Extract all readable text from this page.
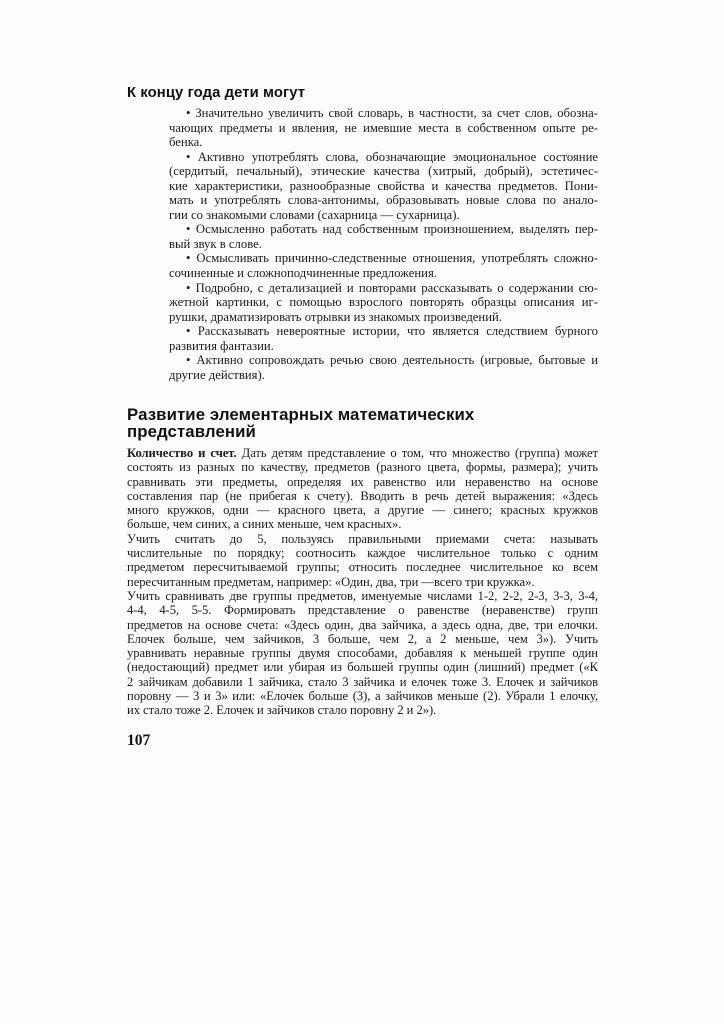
К концу года дети могут
• Значительно увеличить свой словарь, в частности, за счет слов, обозна-
чающих предметы и явления, не имевшие места в собственном опыте ре-
бенка.
• Активно употреблять слова, обозначающие эмоциональное состояние
(сердитый, печальный), этические качества (хитрый, добрый), эстетичес-
кие характеристики, разнообразные свойства и качества предметов. Пони-
мать и употреблять слова-антонимы, образовывать новые слова по анало-
гии со знакомыми словами (сахарница — сухарница).
• Осмысленно работать над собственным произношением, выделять пер-
вый звук в слове.
• Осмысливать причинно-следственные отношения, употреблять сложно-
сочиненные и сложноподчиненные предложения.
• Подробно, с детализацией и повторами рассказывать о содержании сю-
жетной картинки, с помощью взрослого повторять образцы описания иг-
рушки, драматизировать отрывки из знакомых произведений.
• Рассказывать невероятные истории, что является следствием бурного
развития фантазии.
• Активно сопровождать речью свою деятельность (игровые, бытовые и
другие действия).
Развитие элементарных математических
представлений
Количество и счет. Дать детям представление о том, что множество (группа) может
состоять из разных по качеству, предметов (разного цвета, формы, размера); учить
сравнивать эти предметы, определяя их равенство или неравенство на основе
составления пар (не прибегая к счету). Вводить в речь детей выражения: «Здесь
много кружков, одни — красного цвета, а другие — синего; красных кружков
больше, чем синих, а синих меньше, чем красных».
Учить считать до 5, пользуясь правильными приемами счета: называть
числительные по порядку; соотносить каждое числительное только с одним
предметом пересчитываемой группы; относить последнее числительное ко всем
пересчитанным предметам, например: «Один, два, три —всего три кружка».
Учить сравнивать две группы предметов, именуемые числами 1-2, 2-2, 2-3, 3-3, 3-4,
4-4, 4-5, 5-5. Формировать представление о равенстве (неравенстве) групп
предметов на основе счета: «Здесь один, два зайчика, а здесь одна, две, три елочки.
Елочек больше, чем зайчиков, 3 больше, чем 2, а 2 меньше, чем 3»). Учить
уравнивать неравные группы двумя способами, добавляя к меньшей группе один
(недостающий) предмет или убирая из большей группы один (лишний) предмет («К
2 зайчикам добавили 1 зайчика, стало 3 зайчика и елочек тоже 3. Елочек и зайчиков
поровну — 3 и 3» или: «Елочек больше (3), а зайчиков меньше (2). Убрали 1 елочку,
их стало тоже 2. Елочек и зайчиков стало поровну 2 и 2»).
107
